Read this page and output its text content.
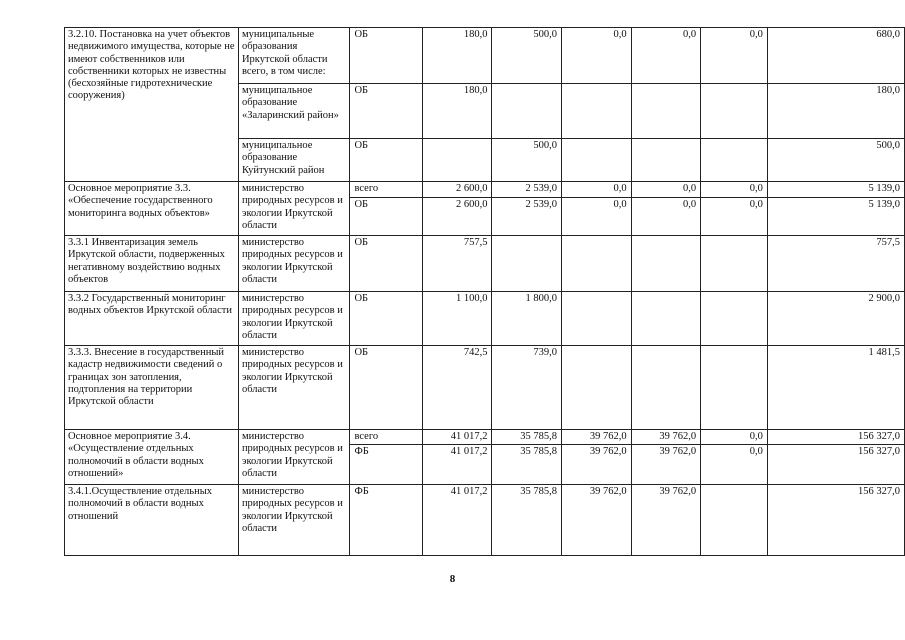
3.2.10. Постановка на учет объектов недвижимого имущества, которые не имеют собственников или собственники которых не известны (бесхозяйные гидротехнические сооружения)	муниципальные образования Иркутской области всего, в том числе:	ОБ	180,0	500,0	0,0	0,0	0,0	680,0
	муниципальное образование «Заларинский район»	ОБ	180,0					180,0
	муниципальное образование Куйтунский район	ОБ		500,0				500,0
Основное мероприятие 3.3. «Обеспечение государственного мониторинга водных объектов»	министерство природных ресурсов и экологии Иркутской области	всего	2 600,0	2 539,0	0,0	0,0	0,0	5 139,0
		ОБ	2 600,0	2 539,0	0,0	0,0	0,0	5 139,0
3.3.1 Инвентаризация земель Иркутской области, подверженных негативному воздействию водных объектов	министерство природных ресурсов и экологии Иркутской области	ОБ	757,5					757,5
3.3.2 Государственный мониторинг водных объектов Иркутской области	министерство природных ресурсов и экологии Иркутской области	ОБ	1 100,0	1 800,0				2 900,0
3.3.3. Внесение в государственный кадастр недвижимости сведений о границах зон затопления, подтопления на территории Иркутской области	министерство природных ресурсов и экологии Иркутской области	ОБ	742,5	739,0				1 481,5
Основное мероприятие 3.4. «Осуществление отдельных полномочий в области водных отношений»	министерство природных ресурсов и экологии Иркутской области	всего	41 017,2	35 785,8	39 762,0	39 762,0	0,0	156 327,0
		ФБ	41 017,2	35 785,8	39 762,0	39 762,0	0,0	156 327,0
3.4.1.Осуществление отдельных полномочий в области водных отношений	министерство природных ресурсов и экологии Иркутской области	ФБ	41 017,2	35 785,8	39 762,0	39 762,0		156 327,0
8
